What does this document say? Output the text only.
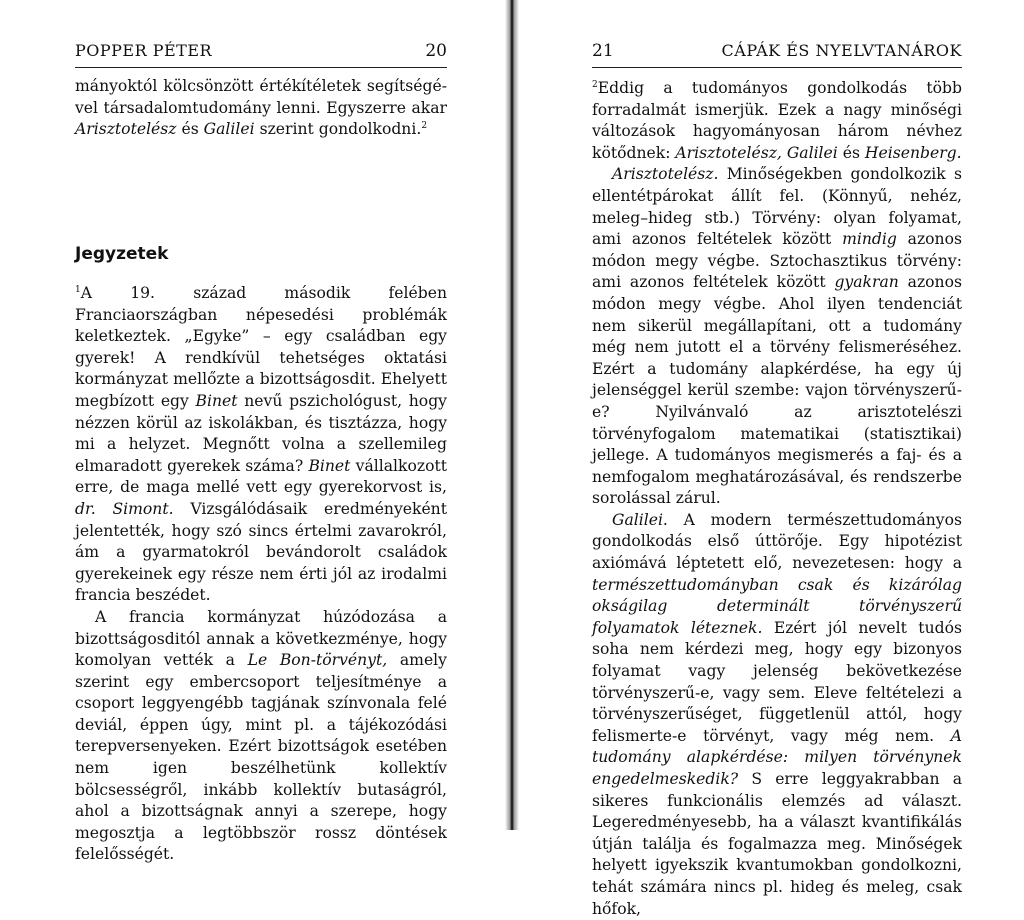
POPPER PÉTER	20

mányoktól kölcsönzött értékítéletek segítségé-vel társadalomtudomány lenni. Egyszerre akar Arisztotelész és Galilei szerint gondolkodni.$^2$

Jegyzetek

$^1$A 19. század második felében Franciaországban népesedési problémák keletkeztek. „Egyke” – egy családban egy gyerek! A rendkívül tehetséges oktatási kormányzat mellőzte a bizottságosdit. Ehelyett megbízott egy Binet nevű pszichológust, hogy nézzen körül az iskolákban, és tisztázza, hogy mi a helyzet. Megnőtt volna a szellemileg elmaradott gyerekek száma? Binet vállalkozott erre, de maga mellé vett egy gyerekorvost is, dr. Simont. Vizsgálódásaik eredményeként jelentették, hogy szó sincs értelmi zavarokról, ám a gyarmatokról bevándorolt családok gyerekeinek egy része nem érti jól az irodalmi francia beszédet.

A francia kormányzat húzódozása a bizottságosditól annak a következménye, hogy komolyan vették a Le Bon-törvényt, amely szerint egy embercsoport teljesítménye a csoport leggyengébb tagjának színvonala felé deviál, éppen úgy, mint pl. a tájékozódási terepversenyeken. Ezért bizottságok esetében nem igen beszélhetünk kollektív bölcsességről, inkább kollektív butaságról, ahol a bizottságnak annyi a szerepe, hogy megosztja a legtöbbször rossz döntések felelősségét.

21	CÁPÁK ÉS NYELVTANÁROK

$^2$Eddig a tudományos gondolkodás több forradalmát ismerjük. Ezek a nagy minőségi változások hagyományosan három névhez kötődnek: Arisztotelész, Galilei és Heisenberg.

Arisztotelész. Minőségekben gondolkozik s ellentétpárokat állít fel. (Könnyű, nehéz, meleg–hideg stb.) Törvény: olyan folyamat, ami azonos feltételek között mindig azonos módon megy végbe. Sztochasztikus törvény: ami azonos feltételek között gyakran azonos módon megy végbe. Ahol ilyen tendenciát nem sikerül megállapítani, ott a tudomány még nem jutott el a törvény felismeréséhez. Ezért a tudomány alapkérdése, ha egy új jelenséggel kerül szembe: vajon törvényszerű-e? Nyilvánvaló az arisztotelészi törvényfogalom matematikai (statisztikai) jellege. A tudományos megismerés a faj- és a nemfogalom meghatározásával, és rendszerbe sorolással zárul.

Galilei. A modern természettudományos gondolkodás első úttörője. Egy hipotézist axiómává léptetett elő, nevezetesen: hogy a természettudományban csak és kizárólag okságilag determinált törvényszerű folyamatok léteznek. Ezért jól nevelt tudós soha nem kérdezi meg, hogy egy bizonyos folyamat vagy jelenség bekövetkezése törvényszerű-e, vagy sem. Eleve feltételezi a törvényszerűséget, függetlenül attól, hogy felismerte-e törvényt, vagy még nem. A tudomány alapkérdése: milyen törvénynek engedelmeskedik? S erre leggyakrabban a sikeres funkcionális elemzés ad választ. Legeredményesebb, ha a választ kvantifikálás útján találja és fogalmazza meg. Minőségek helyett igyekszik kvantumokban gondolkozni, tehát számára nincs pl. hideg és meleg, csak hőfok,
